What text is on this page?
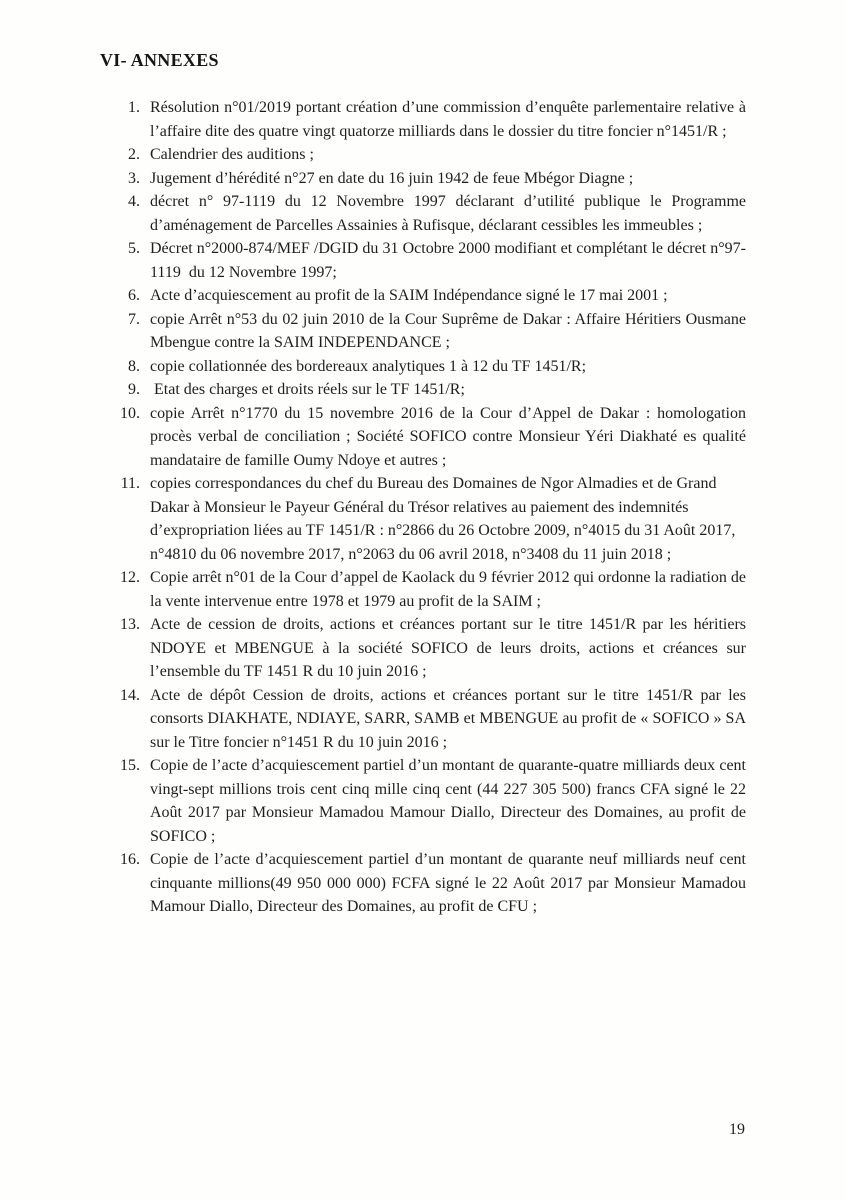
VI- ANNEXES
1. Résolution n°01/2019 portant création d’une commission d’enquête parlementaire relative à l’affaire dite des quatre vingt quatorze milliards dans le dossier du titre foncier n°1451/R ;
2. Calendrier des auditions ;
3. Jugement d’hérédité n°27 en date du 16 juin 1942 de feue Mbégor Diagne ;
4. décret n° 97-1119 du 12 Novembre 1997 déclarant d’utilité publique le Programme d’aménagement de Parcelles Assainies à Rufisque, déclarant cessibles les immeubles ;
5. Décret n°2000-874/MEF /DGID du 31 Octobre 2000 modifiant et complétant le décret n°97-1119  du 12 Novembre 1997;
6. Acte d’acquiescement au profit de la SAIM Indépendance signé le 17 mai 2001 ;
7. copie Arrêt n°53 du 02 juin 2010 de la Cour Suprême de Dakar : Affaire Héritiers Ousmane Mbengue contre la SAIM INDEPENDANCE ;
8. copie collationnée des bordereaux analytiques 1 à 12 du TF 1451/R;
9. Etat des charges et droits réels sur le TF 1451/R;
10. copie Arrêt n°1770 du 15 novembre 2016 de la Cour d’Appel de Dakar : homologation procès verbal de conciliation ; Société SOFICO contre Monsieur Yéri Diakhaté es qualité mandataire de famille Oumy Ndoye et autres ;
11. copies correspondances du chef du Bureau des Domaines de Ngor Almadies et de Grand Dakar à Monsieur le Payeur Général du Trésor relatives au paiement des indemnités d’expropriation liées au TF 1451/R : n°2866 du 26 Octobre 2009, n°4015 du 31 Août 2017, n°4810 du 06 novembre 2017, n°2063 du 06 avril 2018, n°3408 du 11 juin 2018 ;
12. Copie arrêt n°01 de la Cour d’appel de Kaolack du 9 février 2012 qui ordonne la radiation de la vente intervenue entre 1978 et 1979 au profit de la SAIM ;
13. Acte de cession de droits, actions et créances portant sur le titre 1451/R par les héritiers NDOYE et MBENGUE à la société SOFICO de leurs droits, actions et créances sur l’ensemble du TF 1451 R du 10 juin 2016 ;
14. Acte de dépôt Cession de droits, actions et créances portant sur le titre 1451/R par les consorts DIAKHATE, NDIAYE, SARR, SAMB et MBENGUE au profit de « SOFICO » SA sur le Titre foncier n°1451 R du 10 juin 2016 ;
15. Copie de l’acte d’acquiescement partiel d’un montant de quarante-quatre milliards deux cent vingt-sept millions trois cent cinq mille cinq cent (44 227 305 500) francs CFA signé le 22 Août 2017 par Monsieur Mamadou Mamour Diallo, Directeur des Domaines, au profit de SOFICO ;
16. Copie de l’acte d’acquiescement partiel d’un montant de quarante neuf milliards neuf cent cinquante millions(49 950 000 000) FCFA signé le 22 Août 2017 par Monsieur Mamadou Mamour Diallo, Directeur des Domaines, au profit de CFU ;
19
